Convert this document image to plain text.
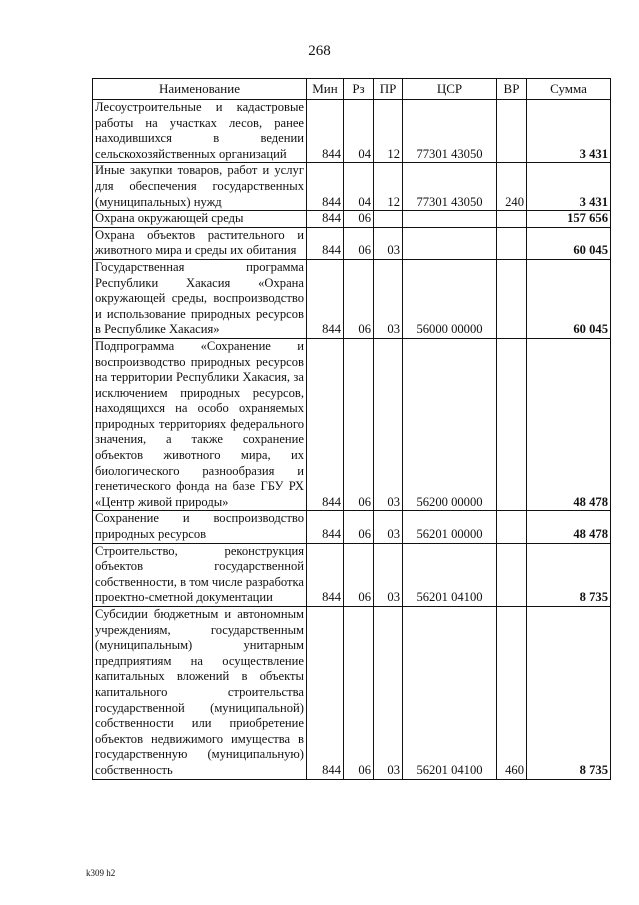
268
Наименование	Мин	Рз	ПР	ЦСР	ВР	Сумма
Лесоустроительные и кадастровые работы на участках лесов, ранее находившихся в ведении сельскохозяйственных организаций	844	04	12	77301 43050		3 431
Иные закупки товаров, работ и услуг для обеспечения государственных (муниципальных) нужд	844	04	12	77301 43050	240	3 431
Охрана окружающей среды	844	06				157 656
Охрана объектов растительного и животного мира и среды их обитания	844	06	03			60 045
Государственная программа Республики Хакасия «Охрана окружающей среды, воспроизводство и использование природных ресурсов в Республике Хакасия»	844	06	03	56000 00000		60 045
Подпрограмма «Сохранение и воспроизводство природных ресурсов на территории Республики Хакасия, за исключением природных ресурсов, находящихся на особо охраняемых природных территориях федерального значения, а также сохранение объектов животного мира, их биологического разнообразия и генетического фонда на базе ГБУ РХ «Центр живой природы»	844	06	03	56200 00000		48 478
Сохранение и воспроизводство природных ресурсов	844	06	03	56201 00000		48 478
Строительство, реконструкция объектов государственной собственности, в том числе разработка проектно-сметной документации	844	06	03	56201 04100		8 735
Субсидии бюджетным и автономным учреждениям, государственным (муниципальным) унитарным предприятиям на осуществление капитальных вложений в объекты капитального строительства государственной (муниципальной) собственности или приобретение объектов недвижимого имущества в государственную (муниципальную) собственность	844	06	03	56201 04100	460	8 735
k309 h2
